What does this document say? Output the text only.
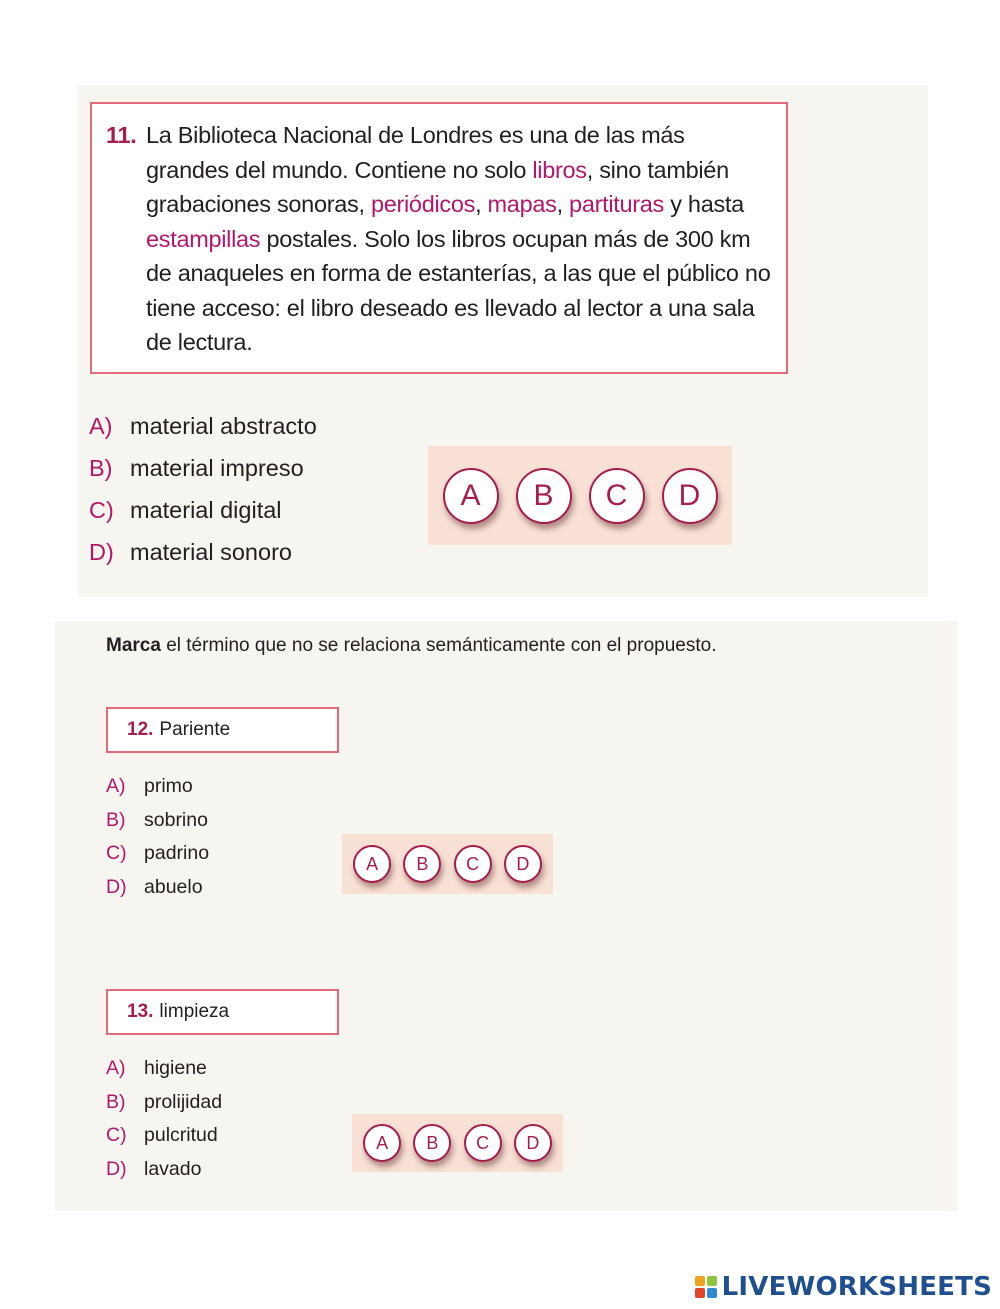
11. La Biblioteca Nacional de Londres es una de las más grandes del mundo. Contiene no solo libros, sino también grabaciones sonoras, periódicos, mapas, partituras y hasta estampillas postales. Solo los libros ocupan más de 300 km de anaqueles en forma de estanterías, a las que el público no tiene acceso: el libro deseado es llevado al lector a una sala de lectura.
A) material abstracto
B) material impreso
C) material digital
D) material sonoro
A	B	C	D
Marca el término que no se relaciona semánticamente con el propuesto.
12. Pariente
A) primo
B) sobrino
C) padrino
D) abuelo
A	B	C	D
13. limpieza
A) higiene
B) prolijidad
C) pulcritud
D) lavado
A	B	C	D
LIVEWORKSHEETS
